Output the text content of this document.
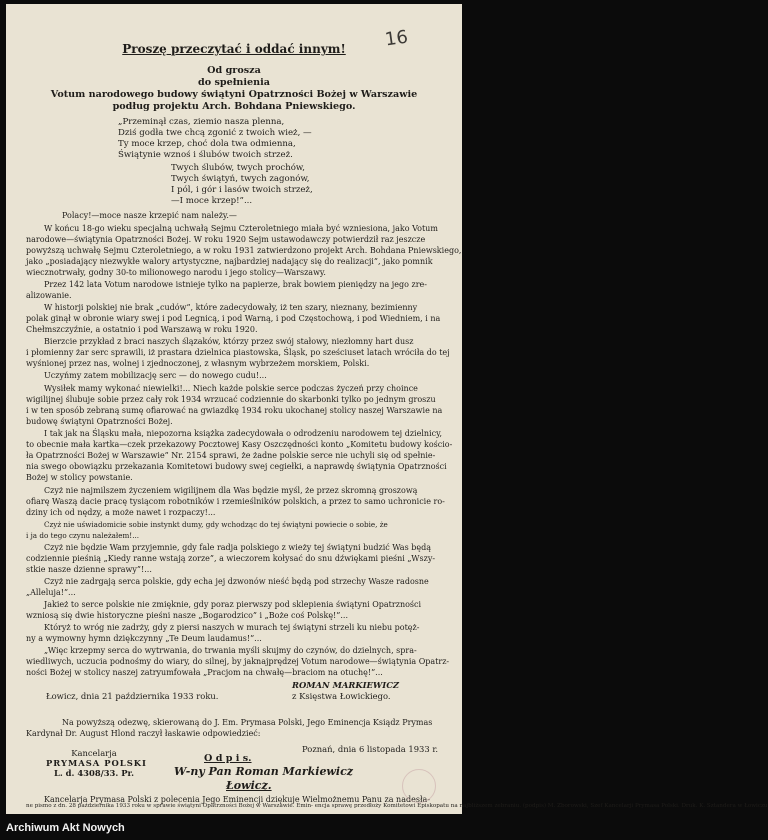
16
Proszę przeczytać i oddać innym!
Od grosza
do spełnienia
Votum narodowego budowy świątyni Opatrzności Bożej w Warszawie
podług projektu Arch. Bohdana Pniewskiego.
„Przeminął czas, ziemio nasza plenna,
Dziś godła twe chcą zgonić z twoich wież, —
Ty moce krzep, choć dola twa odmienna,
Świątynie wznoś i ślubów twoich strzeż.
Twych ślubów, twych prochów,
Twych świątyń, twych zagonów,
I pól, i gór i lasów twoich strzeż,
—I moce krzep!”...
Polacy!—moce nasze krzepić nam należy.—
W końcu 18-go wieku specjalną uchwałą Sejmu Czteroletniego miała być wzniesiona, jako Votum
narodowe—świątynia Opatrzności Bożej. W roku 1920 Sejm ustawodawczy potwierdził raz jeszcze
powyższą uchwałę Sejmu Czteroletniego, a w roku 1931 zatwierdzono projekt Arch. Bohdana Pniewskiego,
jako „posiadający niezwykłe walory artystyczne, najbardziej nadający się do realizacji”, jako pomnik
wiecznotrwały, godny 30-to milionowego narodu i jego stolicy—Warszawy.
Przez 142 lata Votum narodowe istnieje tylko na papierze, brak bowiem pieniędzy na jego zre-
alizowanie.
W historji polskiej nie brak „cudów”, które zadecydowały, iż ten szary, nieznany, bezimienny
polak ginął w obronie wiary swej i pod Legnicą, i pod Warną, i pod Częstochową, i pod Wiedniem, i na
Chełmszczyźnie, a ostatnio i pod Warszawą w roku 1920.
Bierzcie przykład z braci naszych ślązaków, którzy przez swój stałowy, niezłomny hart dusz
i płomienny żar serc sprawili, iż prastara dzielnica piastowska, Śląsk, po sześciuset latach wróciła do tej
wyśnionej przez nas, wolnej i zjednoczonej, z własnym wybrzeżem morskiem, Polski.
Uczyńmy zatem mobilizację serc — do nowego cudu!...
Wysiłek mamy wykonać niewielki!... Niech każde polskie serce podczas życzeń przy choince
wigilijnej ślubuje sobie przez cały rok 1934 wrzucać codziennie do skarbonki tylko po jednym groszu
i w ten sposób zebraną sumę ofiarować na gwiazdkę 1934 roku ukochanej stolicy naszej Warszawie na
budowę świątyni Opatrzności Bożej.
I tak jak na Śląsku mała, niepozorna książka zadecydowała o odrodzeniu narodowem tej dzielnicy,
to obecnie mała kartka—czek przekazowy Pocztowej Kasy Oszczędności konto „Komitetu budowy kościo-
ła Opatrzności Bożej w Warszawie” Nr. 2154 sprawi, że żadne polskie serce nie uchyli się od spełnie-
nia swego obowiązku przekazania Komitetowi budowy swej cegiełki, a naprawdę świątynia Opatrzności
Bożej w stolicy powstanie.
Czyż nie najmilszem życzeniem wigilijnem dla Was będzie myśl, że przez skromną groszową
ofiarę Waszą dacie pracę tysiącom robotników i rzemieślników polskich, a przez to samo uchronicie ro-
dziny ich od nędzy, a może nawet i rozpaczy!...
Czyż nie uświadomicie sobie instynkt dumy, gdy wchodząc do tej świątyni powiecie o sobie, że
i ja do tego czynu należałem!...
Czyż nie będzie Wam przyjemnie, gdy fale radja polskiego z wieży tej świątyni budzić Was będą
codziennie pieśnią „Kiedy ranne wstają zorze”, a wieczorem kołysać do snu dźwiękami pieśni „Wszy-
stkie nasze dzienne sprawy”!...
Czyż nie zadrgają serca polskie, gdy echa jej dzwonów nieść będą pod strzechy Wasze radosne
„Alleluja!”...
Jakież to serce polskie nie zmięknie, gdy poraz pierwszy pod sklepienia świątyni Opatrzności
wzniosą się dwie historyczne pieśni nasze „Bogarodzico” i „Boże coś Polskę!”...
Któryż to wróg nie zadrży, gdy z piersi naszych w murach tej świątyni strzeli ku niebu potęż-
ny a wymowny hymn dziękczynny „Te Deum laudamus!”...
„Więc krzepmy serca do wytrwania, do trwania myśli skujmy do czynów, do dzielnych, spra-
wiedliwych, uczucia podnośmy do wiary, do silnej, by jaknajprędzej Votum narodowe—świątynia Opatrz-
ności Bożej w stolicy naszej zatryumfowała „Pracjom na chwałę—braciom na otuchę!”...
ROMAN MARKIEWICZ
Łowicz, dnia 21 października 1933 roku.	z Księstwa Łowickiego.
Na powyższą odezwę, skierowaną do J. Em. Prymasa Polski, Jego Eminencja Ksiądz Prymas
Kardynał Dr. August Hlond raczył łaskawie odpowiedzieć:
Poznań, dnia 6 listopada 1933 r.
Kancelarja
PRYMASA POLSKI
L. d. 4308/33. Pr.
O d p i s.
W-ny Pan Roman Markiewicz
Łowicz.
Kancelarja Prymasa Polski z polecenia Jego Eminencji dziękuje Wielmożnemu Panu za nadesła-
Archiwum Akt Nowych
ne pismo z dn. 28 października 1933 roku w sprawie świątyni Opatrzności Bożej w Warszawie. Emin- encja sprawę przedłoży Komitetowi Episkopatu na najbliższem zebraniu. (podpis) M. Zborowski, Szef Kancelarji Prymasa Polski. Druk. K. Sztandera w Łowiczu
